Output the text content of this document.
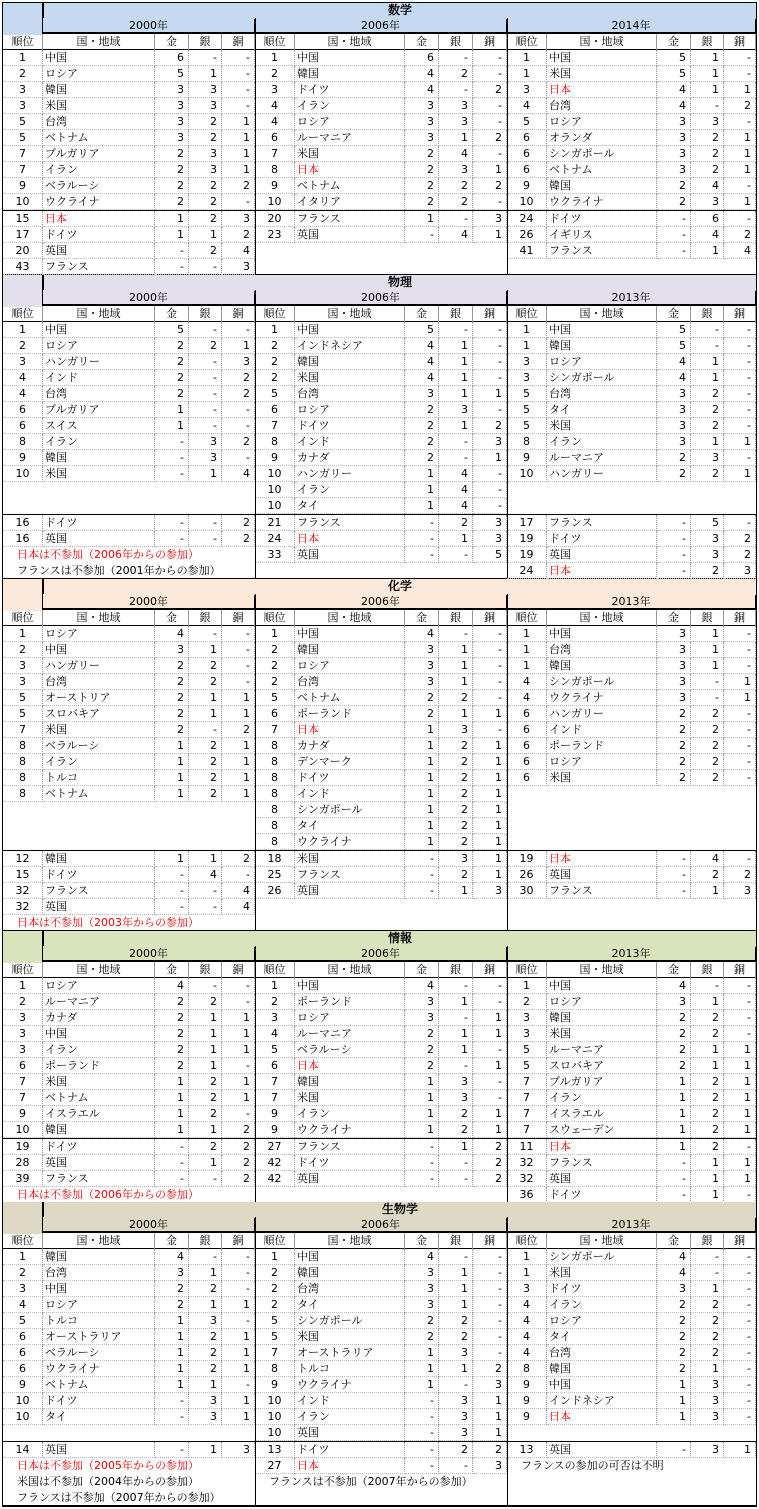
数学
2000年
順位	国・地域	金	銀	銅
1	中国	6	-	-
2	ロシア	5	1	-
3	韓国	3	3	-
3	米国	3	3	-
5	台湾	3	2	1
5	ベトナム	3	2	1
7	ブルガリア	2	3	1
7	イラン	2	3	1
9	ベラルーシ	2	2	2
10	ウクライナ	2	2	-
15	日本	1	2	3
17	ドイツ	1	1	2
20	英国	-	2	4
43	フランス	-	-	3
2006年
順位	国・地域	金	銀	銅
1	中国	6	-	-
2	韓国	4	2	-
3	ドイツ	4	-	2
4	イラン	3	3	-
4	ロシア	3	3	-
6	ルーマニア	3	1	2
7	米国	2	4	-
8	日本	2	3	1
9	ベトナム	2	2	2
10	イタリア	2	2	-
20	フランス	1	-	3
23	英国	-	4	1
2014年
順位	国・地域	金	銀	銅
1	中国	5	1	-
1	米国	5	1	-
3	日本	4	1	1
4	台湾	4	-	2
5	ロシア	3	3	-
6	オランダ	3	2	1
6	シンガポール	3	2	1
6	ベトナム	3	2	1
9	韓国	2	4	-
10	ウクライナ	2	3	1
24	ドイツ	-	6	-
26	イギリス	-	4	2
41	フランス	-	1	4
物理
2000年
順位	国・地域	金	銀	銅
1	中国	5	-	-
2	ロシア	2	2	1
3	ハンガリー	2	-	3
4	インド	2	-	2
4	台湾	2	-	2
6	ブルガリア	1	-	-
6	スイス	1	-	-
8	イラン	-	3	2
9	韓国	-	3	-
10	米国	-	1	4
16	ドイツ	-	-	2
16	英国	-	-	2
日本は不参加（2006年からの参加）
フランスは不参加（2001年からの参加）
2006年
順位	国・地域	金	銀	銅
1	中国	5	-	-
2	インドネシア	4	1	-
2	韓国	4	1	-
2	米国	4	1	-
5	台湾	3	1	1
6	ロシア	2	3	-
7	ドイツ	2	1	2
8	インド	2	-	3
9	カナダ	2	-	1
10	ハンガリー	1	4	-
10	イラン	1	4	-
10	タイ	1	4	-
21	フランス	-	2	3
24	日本	-	1	3
33	英国	-	-	5
2013年
順位	国・地域	金	銀	銅
1	中国	5	-	-
1	韓国	5	-	-
3	ロシア	4	1	-
3	シンガポール	4	1	-
5	台湾	3	2	-
5	タイ	3	2	-
5	米国	3	2	-
8	イラン	3	1	1
9	ルーマニア	2	3	-
10	ハンガリー	2	2	1
17	フランス	-	5	-
19	ドイツ	-	3	2
19	英国	-	3	2
24	日本	-	2	3
化学
2000年
順位	国・地域	金	銀	銅
1	ロシア	4	-	-
2	中国	3	1	-
3	ハンガリー	2	2	-
3	台湾	2	2	-
5	オーストリア	2	1	1
5	スロバキア	2	1	1
7	米国	2	-	2
8	ベラルーシ	1	2	1
8	イラン	1	2	1
8	トルコ	1	2	1
8	ベトナム	1	2	1
12	韓国	1	1	2
15	ドイツ	-	4	-
32	フランス	-	-	4
32	英国	-	-	4
日本は不参加（2003年からの参加）
2006年
順位	国・地域	金	銀	銅
1	中国	4	-	-
2	韓国	3	1	-
2	ロシア	3	1	-
2	台湾	3	1	-
5	ベトナム	2	2	-
6	ポーランド	2	1	1
7	日本	1	3	-
8	カナダ	1	2	1
8	デンマーク	1	2	1
8	ドイツ	1	2	1
8	インド	1	2	1
8	シンガポール	1	2	1
8	タイ	1	2	1
8	ウクライナ	1	2	1
18	米国	-	3	1
25	フランス	-	2	1
26	英国	-	1	3
2013年
順位	国・地域	金	銀	銅
1	中国	3	1	-
1	台湾	3	1	-
1	韓国	3	1	-
4	シンガポール	3	-	1
4	ウクライナ	3	-	1
6	ハンガリー	2	2	-
6	インド	2	2	-
6	ポーランド	2	2	-
6	ロシア	2	2	-
6	米国	2	2	-
19	日本	-	4	-
26	英国	-	2	2
30	フランス	-	1	3
情報
2000年
順位	国・地域	金	銀	銅
1	ロシア	4	-	-
2	ルーマニア	2	2	-
3	カナダ	2	1	1
3	中国	2	1	1
3	イラン	2	1	1
6	ポーランド	2	1	-
7	米国	1	2	1
7	ベトナム	1	2	1
9	イスラエル	1	2	-
10	韓国	1	1	2
19	ドイツ	-	2	2
28	英国	-	1	2
39	フランス	-	-	2
日本は不参加（2006年からの参加）
2006年
順位	国・地域	金	銀	銅
1	中国	4	-	-
2	ポーランド	3	1	-
3	ロシア	3	-	1
4	ルーマニア	2	1	1
5	ベラルーシ	2	1	-
6	日本	2	-	1
7	韓国	1	3	-
7	米国	1	3	-
9	イラン	1	2	1
9	ウクライナ	1	2	1
27	フランス	-	1	2
42	ドイツ	-	-	2
42	英国	-	-	2
2013年
順位	国・地域	金	銀	銅
1	中国	4	-	-
2	ロシア	3	1	-
3	韓国	2	2	-
3	米国	2	2	-
5	ルーマニア	2	1	1
5	スロバキア	2	1	1
7	ブルガリア	1	2	1
7	イラン	1	2	1
7	イスラエル	1	2	1
7	スウェーデン	1	2	1
11	日本	1	2	-
32	フランス	-	1	1
32	英国	-	1	1
36	ドイツ	-	1	-
生物学
2000年
順位	国・地域	金	銀	銅
1	韓国	4	-	-
2	台湾	3	1	-
3	中国	2	2	-
4	ロシア	2	1	1
5	トルコ	1	3	-
6	オーストラリア	1	2	1
6	ベラルーシ	1	2	1
6	ウクライナ	1	2	1
9	ベトナム	1	1	-
10	ドイツ	-	3	1
10	タイ	-	3	1
14	英国	-	1	3
日本は不参加（2005年からの参加）
米国は不参加（2004年からの参加）
フランスは不参加（2007年からの参加）
2006年
順位	国・地域	金	銀	銅
1	中国	4	-	-
2	韓国	3	1	-
2	台湾	3	1	-
2	タイ	3	1	-
5	シンガポール	2	2	-
5	米国	2	2	-
7	オーストラリア	1	3	-
8	トルコ	1	1	2
9	ウクライナ	1	-	3
10	インド	-	3	1
10	イラン	-	3	1
10	英国	-	3	1
13	ドイツ	-	2	2
27	日本	-	-	3
フランスは不参加（2007年からの参加）
2013年
順位	国・地域	金	銀	銅
1	シンガポール	4	-	-
1	米国	4	-	-
3	ドイツ	3	1	-
4	イラン	2	2	-
4	ロシア	2	2	-
4	タイ	2	2	-
4	台湾	2	2	-
8	韓国	2	1	-
9	中国	1	3	-
9	インドネシア	1	3	-
9	日本	1	3	-
13	英国	-	3	1
フランスの参加の可否は不明
